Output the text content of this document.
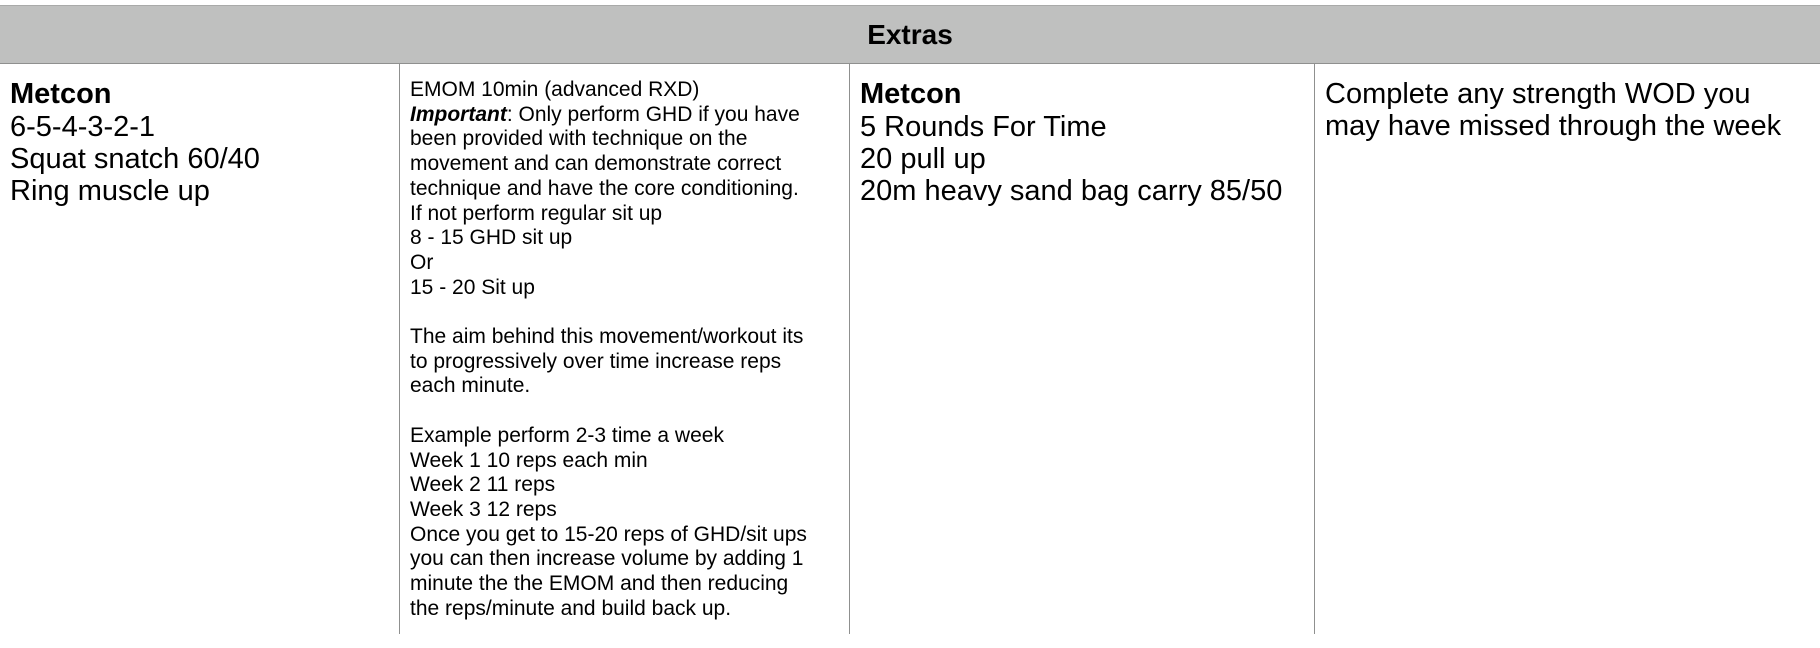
Extras
Metcon
6-5-4-3-2-1
Squat snatch 60/40
Ring muscle up
EMOM 10min (advanced RXD)
Important: Only perform GHD if you have
been provided with technique on the
movement and can demonstrate correct
technique and have the core conditioning.
If not perform regular sit up
8 - 15 GHD sit up
Or
15 - 20 Sit up
The aim behind this movement/workout its
to progressively over time increase reps
each minute.
Example perform 2-3 time a week
Week 1 10 reps each min
Week 2 11 reps
Week 3 12 reps
Once you get to 15-20 reps of GHD/sit ups
you can then increase volume by adding 1
minute the the EMOM and then reducing
the reps/minute and build back up.
Metcon
5 Rounds For Time
20 pull up
20m heavy sand bag carry 85/50
Complete any strength WOD you
may have missed through the week
